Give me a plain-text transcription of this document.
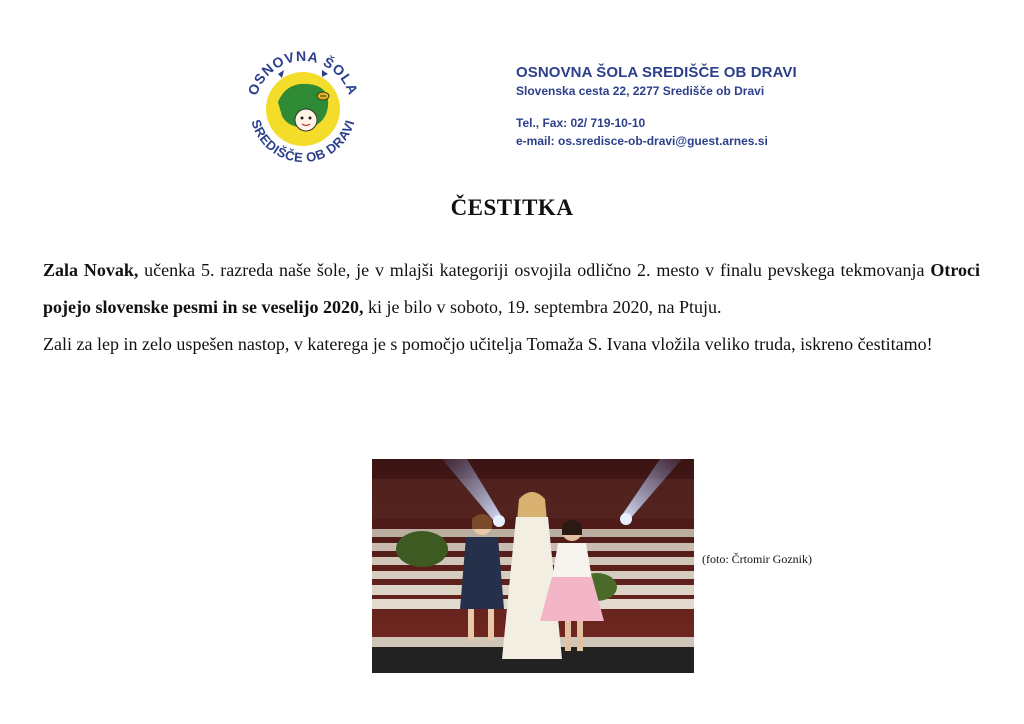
OSNOVNA ŠOLA
SREDIŠČE OB DRAVI
OSNOVNA ŠOLA SREDIŠČE OB DRAVI
Slovenska cesta 22, 2277 Središče ob Dravi
Tel., Fax: 02/ 719-10-10
e-mail: os.sredisce-ob-dravi@guest.arnes.si
ČESTITKA

Zala Novak, učenka 5. razreda naše šole, je v mlajši kategoriji osvojila odlično 2. mesto v finalu pevskega tekmovanja Otroci pojejo slovenske pesmi in se veselijo 2020, ki je bilo v soboto, 19. septembra 2020, na Ptuju.

Zali za lep in zelo uspešen nastop, v katerega je s pomočjo učitelja Tomaža S. Ivana vložila veliko truda, iskreno čestitamo!

(foto: Črtomir Goznik)
